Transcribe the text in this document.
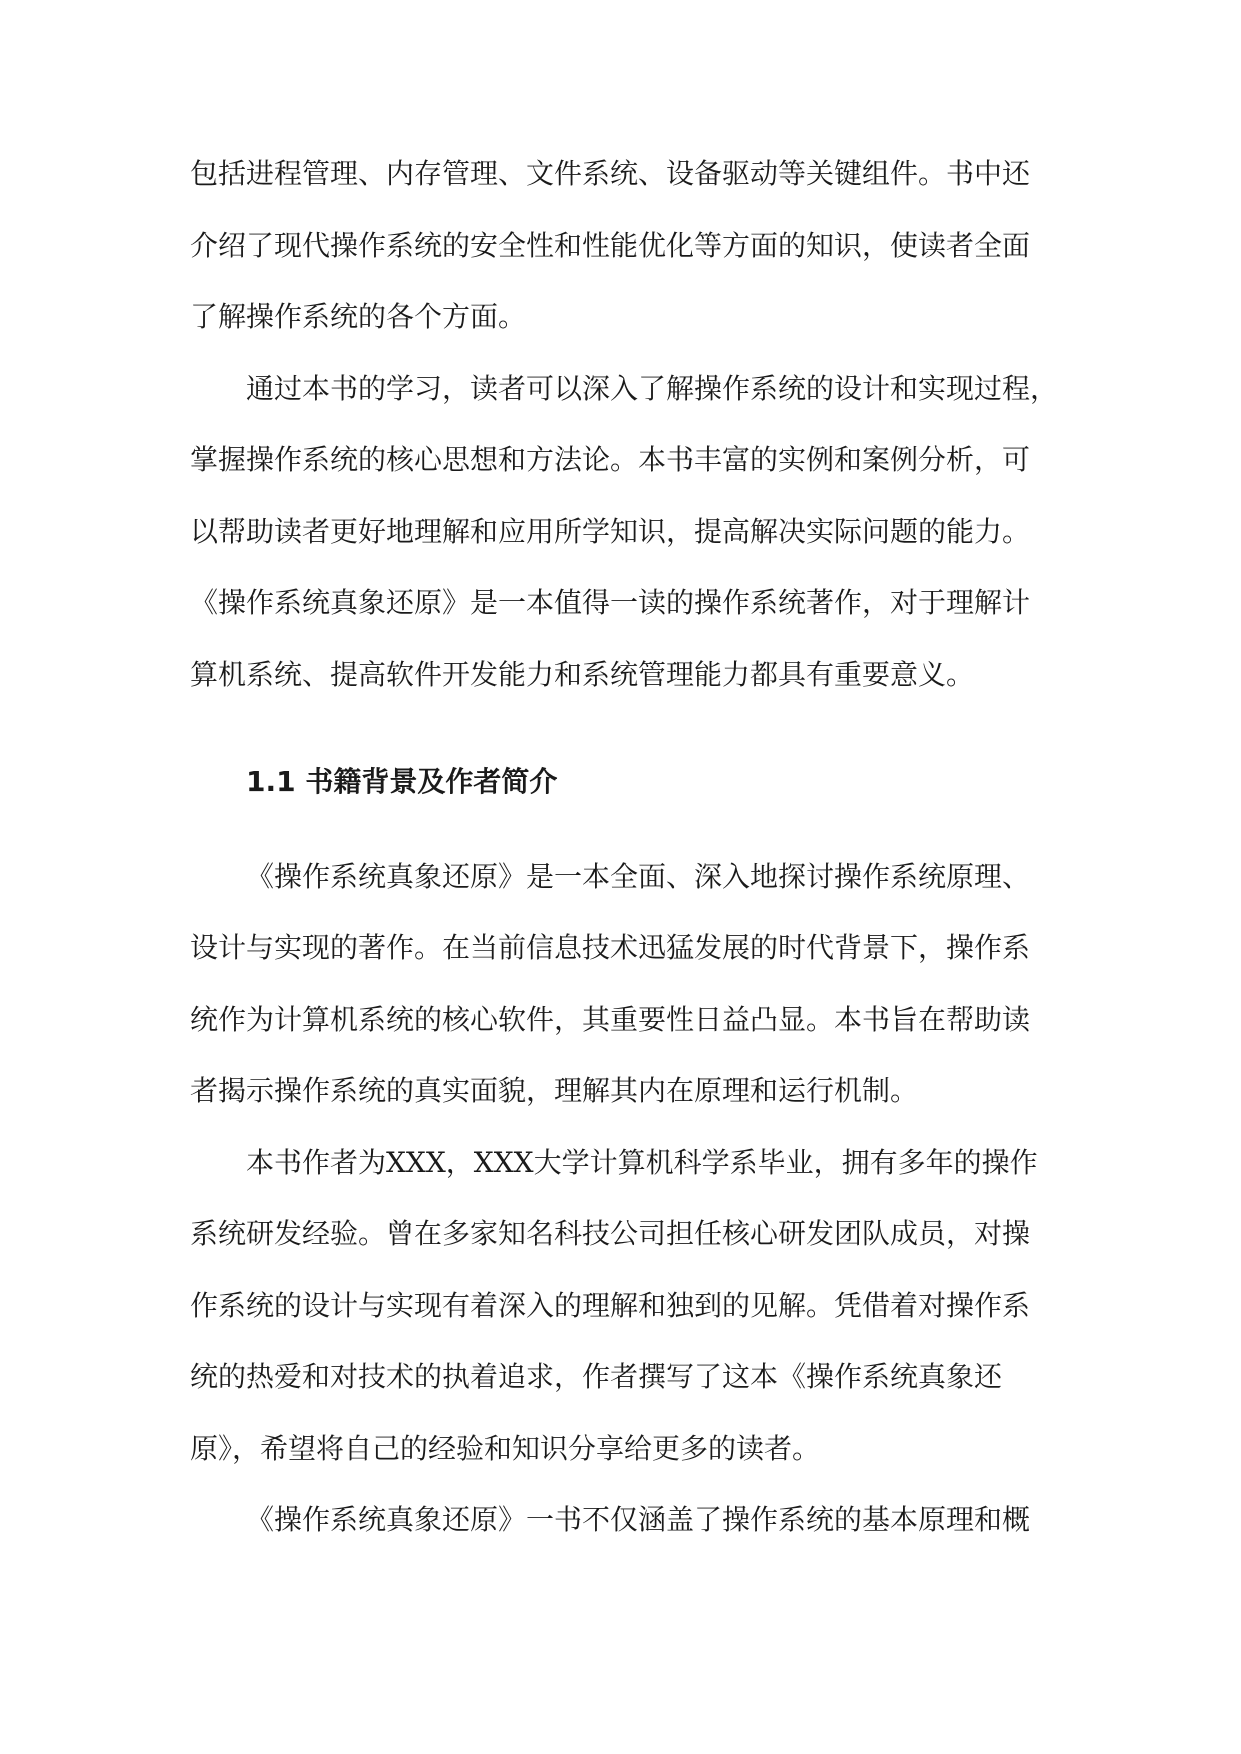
包括进程管理、内存管理、文件系统、设备驱动等关键组件。书中还
介绍了现代操作系统的安全性和性能优化等方面的知识，使读者全面
了解操作系统的各个方面。
通过本书的学习，读者可以深入了解操作系统的设计和实现过程，
掌握操作系统的核心思想和方法论。本书丰富的实例和案例分析，可
以帮助读者更好地理解和应用所学知识，提高解决实际问题的能力。
《操作系统真象还原》是一本值得一读的操作系统著作，对于理解计
算机系统、提高软件开发能力和系统管理能力都具有重要意义。
1.1 书籍背景及作者简介
《操作系统真象还原》是一本全面、深入地探讨操作系统原理、
设计与实现的著作。在当前信息技术迅猛发展的时代背景下，操作系
统作为计算机系统的核心软件，其重要性日益凸显。本书旨在帮助读
者揭示操作系统的真实面貌，理解其内在原理和运行机制。
本书作者为XXX，XXX大学计算机科学系毕业，拥有多年的操作
系统研发经验。曾在多家知名科技公司担任核心研发团队成员，对操
作系统的设计与实现有着深入的理解和独到的见解。凭借着对操作系
统的热爱和对技术的执着追求，作者撰写了这本《操作系统真象还
原》，希望将自己的经验和知识分享给更多的读者。
《操作系统真象还原》一书不仅涵盖了操作系统的基本原理和概
